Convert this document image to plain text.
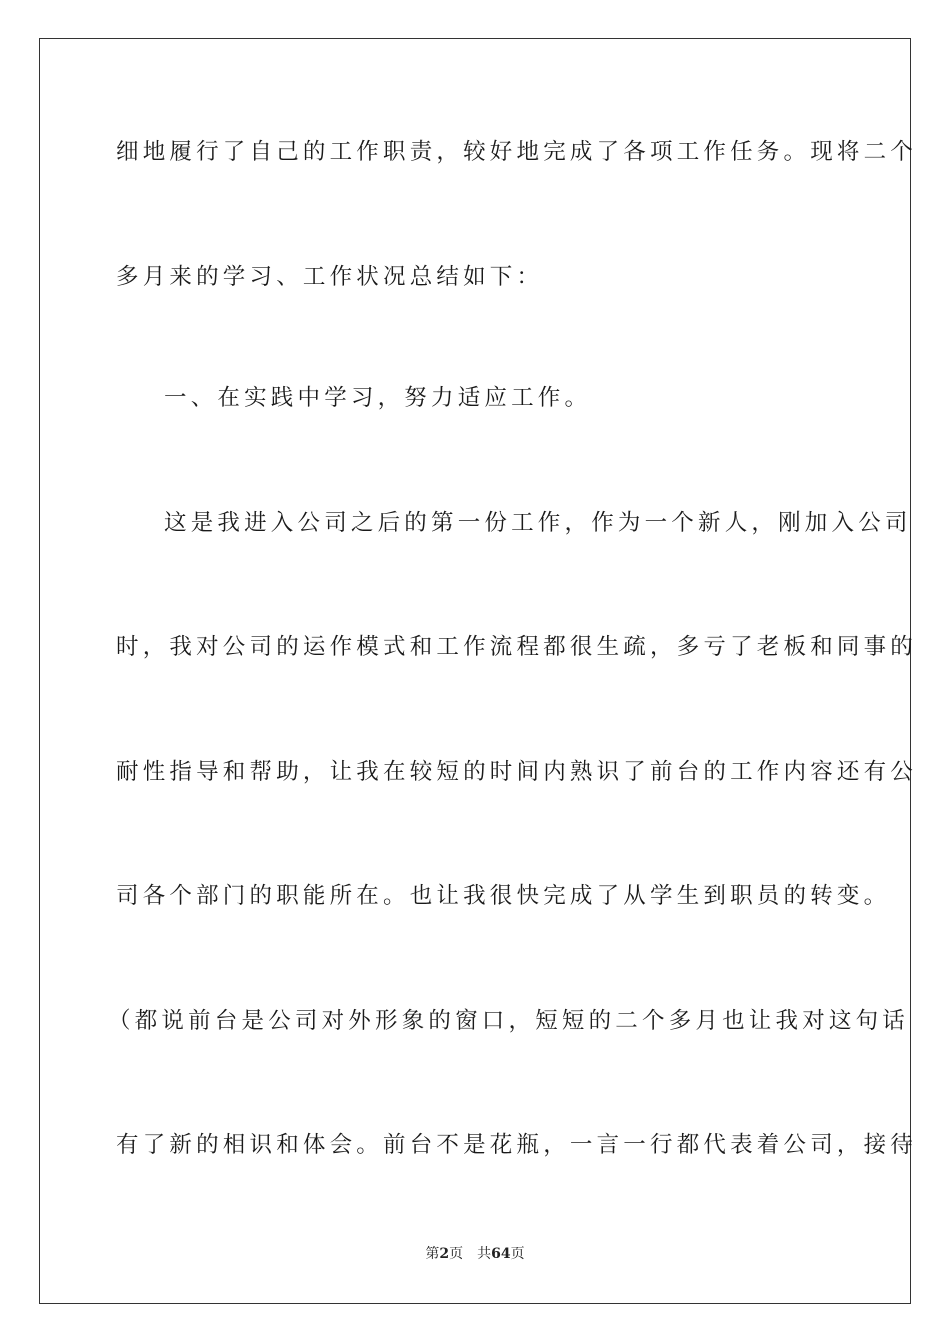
细地履行了自己的工作职责，较好地完成了各项工作任务。现将二个
多月来的学习、工作状况总结如下：
一、在实践中学习，努力适应工作。
这是我进入公司之后的第一份工作，作为一个新人，刚加入公司
时，我对公司的运作模式和工作流程都很生疏，多亏了老板和同事的
耐性指导和帮助，让我在较短的时间内熟识了前台的工作内容还有公
司各个部门的职能所在。也让我很快完成了从学生到职员的转变。
（都说前台是公司对外形象的窗口，短短的二个多月也让我对这句话
有了新的相识和体会。前台不是花瓶，一言一行都代表着公司，接待
第2页 共64页
